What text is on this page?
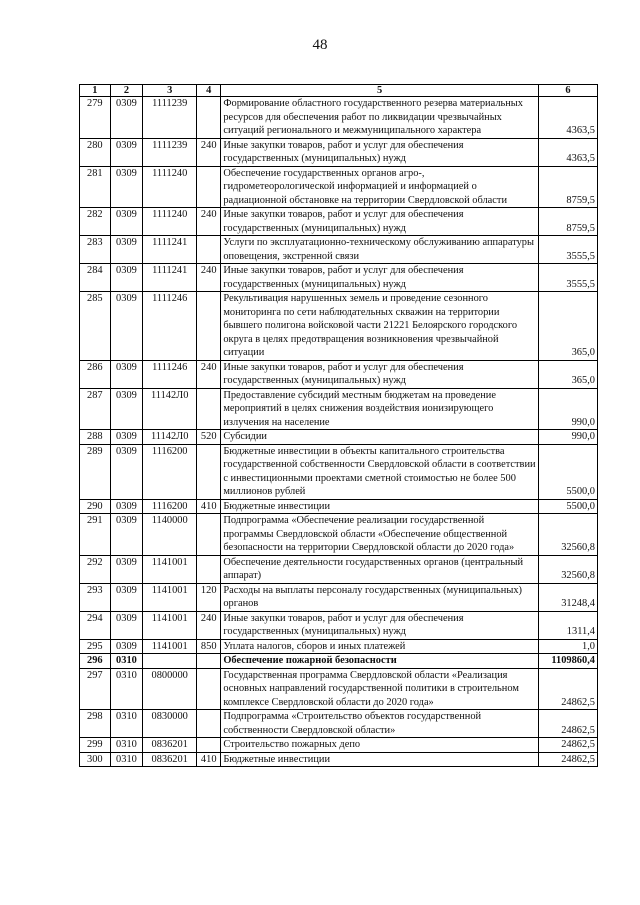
48
1	2	3	4	5	6
279	0309	1111239		Формирование областного государственного резерва материальных ресурсов для обеспечения работ по ликвидации чрезвычайных ситуаций регионального и межмуниципального характера	4363,5
280	0309	1111239	240	Иные закупки товаров, работ и услуг для обеспечения государственных (муниципальных) нужд	4363,5
281	0309	1111240		Обеспечение государственных органов агро-, гидрометеорологической информацией и информацией о радиационной обстановке на территории Свердловской области	8759,5
282	0309	1111240	240	Иные закупки товаров, работ и услуг для обеспечения государственных (муниципальных) нужд	8759,5
283	0309	1111241		Услуги по эксплуатационно-техническому обслуживанию аппаратуры оповещения, экстренной связи	3555,5
284	0309	1111241	240	Иные закупки товаров, работ и услуг для обеспечения государственных (муниципальных) нужд	3555,5
285	0309	1111246		Рекультивация нарушенных земель и проведение сезонного мониторинга по сети наблюдательных скважин на территории бывшего полигона войсковой части 21221 Белоярского городского округа в целях предотвращения возникновения чрезвычайной ситуации	365,0
286	0309	1111246	240	Иные закупки товаров, работ и услуг для обеспечения государственных (муниципальных) нужд	365,0
287	0309	11142Л0		Предоставление субсидий местным бюджетам на проведение мероприятий в целях снижения воздействия ионизирующего излучения на население	990,0
288	0309	11142Л0	520	Субсидии	990,0
289	0309	1116200		Бюджетные инвестиции в объекты капитального строительства государственной собственности Свердловской области в соответствии с инвестиционными проектами сметной стоимостью не более 500 миллионов рублей	5500,0
290	0309	1116200	410	Бюджетные инвестиции	5500,0
291	0309	1140000		Подпрограмма «Обеспечение реализации государственной программы Свердловской области «Обеспечение общественной безопасности на территории Свердловской области до 2020 года»	32560,8
292	0309	1141001		Обеспечение деятельности государственных органов (центральный аппарат)	32560,8
293	0309	1141001	120	Расходы на выплаты персоналу государственных (муниципальных) органов	31248,4
294	0309	1141001	240	Иные закупки товаров, работ и услуг для обеспечения государственных (муниципальных) нужд	1311,4
295	0309	1141001	850	Уплата налогов, сборов и иных платежей	1,0
296	0310			Обеспечение пожарной безопасности	1109860,4
297	0310	0800000		Государственная программа Свердловской области «Реализация основных направлений государственной политики в строительном комплексе Свердловской области до 2020 года»	24862,5
298	0310	0830000		Подпрограмма «Строительство объектов государственной собственности Свердловской области»	24862,5
299	0310	0836201		Строительство пожарных депо	24862,5
300	0310	0836201	410	Бюджетные инвестиции	24862,5
